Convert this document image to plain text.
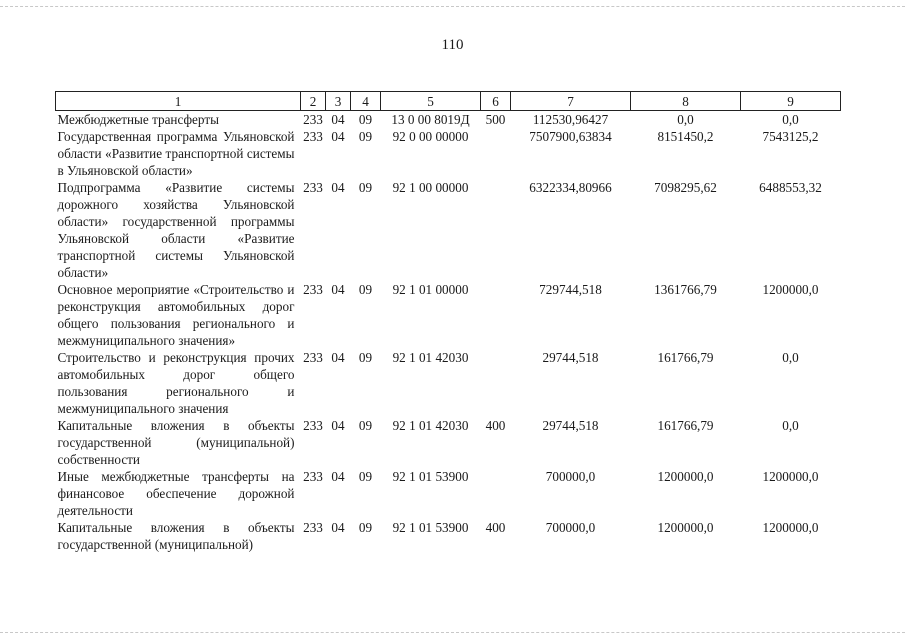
110
1	2	3	4	5	6	7	8	9
Межбюджетные трансферты	233	04	09	13 0 00 8019Д	500	112530,96427	0,0	0,0
Государственная программа Ульяновской области «Развитие транспортной системы в Ульяновской области»	233	04	09	92 0 00 00000		7507900,63834	8151450,2	7543125,2
Подпрограмма «Развитие системы дорожного хозяйства Ульяновской области» государственной программы Ульяновской области «Развитие транспортной системы Ульяновской области»	233	04	09	92 1 00 00000		6322334,80966	7098295,62	6488553,32
Основное мероприятие «Строительство и реконструкция автомобильных дорог общего пользования регионального и межмуниципального значения»	233	04	09	92 1 01 00000		729744,518	1361766,79	1200000,0
Строительство и реконструкция прочих автомобильных дорог общего пользования регионального и межмуниципального значения	233	04	09	92 1 01 42030		29744,518	161766,79	0,0
Капитальные вложения в объекты государственной (муниципальной) собственности	233	04	09	92 1 01 42030	400	29744,518	161766,79	0,0
Иные межбюджетные трансферты на финансовое обеспечение дорожной деятельности	233	04	09	92 1 01 53900		700000,0	1200000,0	1200000,0
Капитальные вложения в объекты государственной (муниципальной)	233	04	09	92 1 01 53900	400	700000,0	1200000,0	1200000,0
